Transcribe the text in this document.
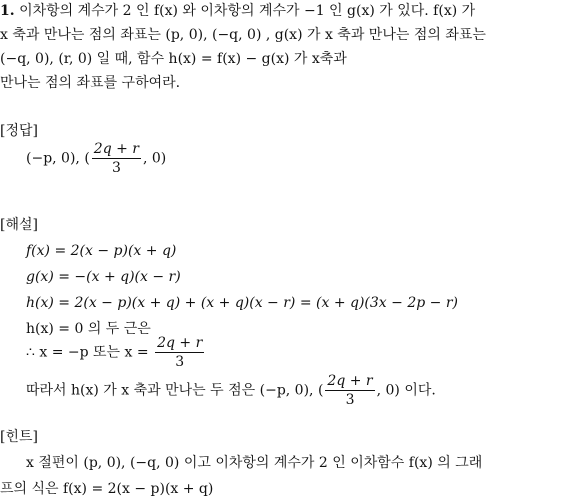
1. 이차항의 계수가 2 인 f(x) 와 이차항의 계수가 −1 인 g(x) 가 있다. f(x) 가
x 축과 만나는 점의 좌표는 (p, 0), (−q, 0) , g(x) 가 x 축과 만나는 점의 좌표는
(−q, 0), (r, 0) 일 때, 함수 h(x) = f(x) − g(x) 가 x축과
만나는 점의 좌표를 구하여라.
[정답]
(−p, 0), ( $\frac{2q + r}{3}$ , 0)
[해설]
f(x) = 2(x − p)(x + q)
g(x) = −(x + q)(x − r)
h(x) = 2(x − p)(x + q) + (x + q)(x − r) = (x + q)(3x − 2p − r)
h(x) = 0 의 두 근은
∴ x = −p 또는 $x = \frac{2q + r}{3}$
따라서 h(x) 가 x 축과 만나는 두 점은 (−p, 0), ( $\frac{2q + r}{3}$ , 0) 이다.
[힌트]
x 절편이 (p, 0), (−q, 0) 이고 이차항의 계수가 2 인 이차함수 f(x) 의 그래
프의 식은 f(x) = 2(x − p)(x + q)
